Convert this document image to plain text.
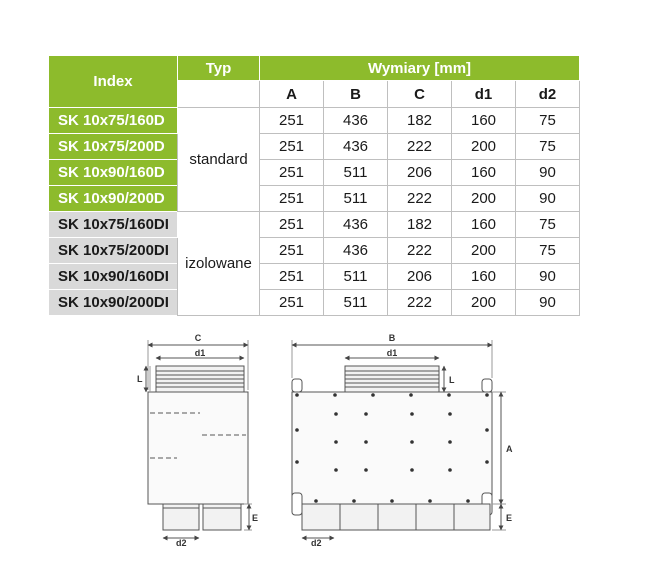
Index	Typ	Wymiary [mm]				
		A	B	C	d1	d2
SK 10x75/160D	standard	251	436	182	160	75
SK 10x75/200D		251	436	222	200	75
SK 10x90/160D		251	511	206	160	90
SK 10x90/200D		251	511	222	200	90
SK 10x75/160DI	izolowane	251	436	182	160	75
SK 10x75/200DI		251	436	222	200	75
SK 10x90/160DI		251	511	206	160	90
SK 10x90/200DI		251	511	222	200	90
C
d1
L
E
d2
B
d1
L
A
E
d2
